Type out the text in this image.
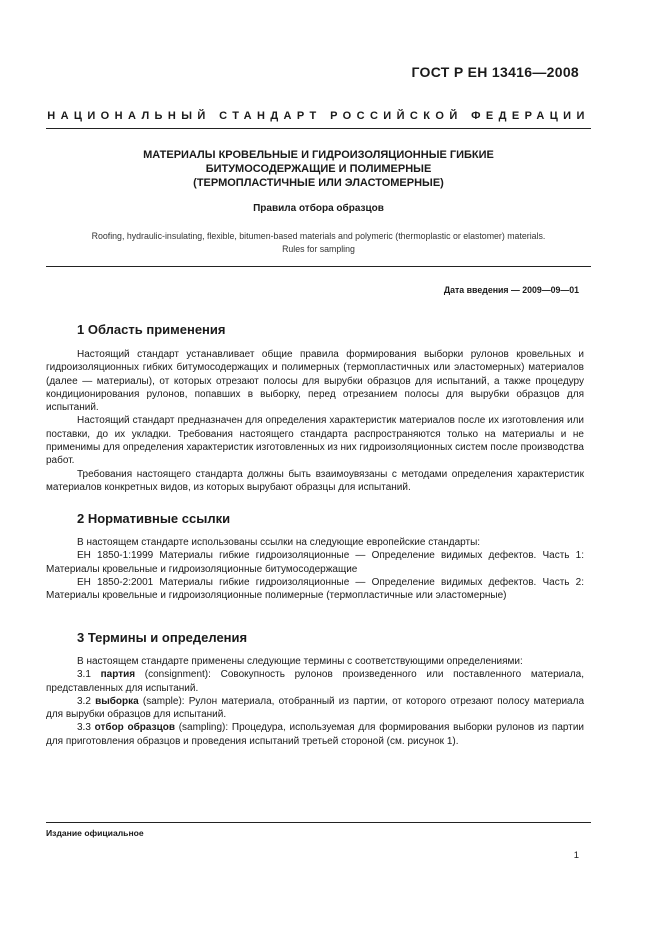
ГОСТ Р ЕН 13416—2008
НАЦИОНАЛЬНЫЙ СТАНДАРТ РОССИЙСКОЙ ФЕДЕРАЦИИ
МАТЕРИАЛЫ КРОВЕЛЬНЫЕ И ГИДРОИЗОЛЯЦИОННЫЕ ГИБКИЕ
БИТУМОСОДЕРЖАЩИЕ И ПОЛИМЕРНЫЕ
(ТЕРМОПЛАСТИЧНЫЕ ИЛИ ЭЛАСТОМЕРНЫЕ)
Правила отбора образцов
Roofing, hydraulic-insulating, flexible, bitumen-based materials and polymeric (thermoplastic or elastomer) materials.
Rules for sampling
Дата введения — 2009—09—01
1 Область применения

Настоящий стандарт устанавливает общие правила формирования выборки рулонов кровельных и гидроизоляционных гибких битумосодержащих и полимерных (термопластичных или эластомерных) материалов (далее — материалы), от которых отрезают полосы для вырубки образцов для испытаний, а также процедуру кондиционирования рулонов, попавших в выборку, перед отрезанием полосы для вырубки образцов для испытаний.

Настоящий стандарт предназначен для определения характеристик материалов после их изготовления или поставки, до их укладки. Требования настоящего стандарта распространяются только на материалы и не применимы для определения характеристик изготовленных из них гидроизоляционных систем после производства работ.

Требования настоящего стандарта должны быть взаимоувязаны с методами определения характеристик материалов конкретных видов, из которых вырубают образцы для испытаний.

2 Нормативные ссылки

В настоящем стандарте использованы ссылки на следующие европейские стандарты:

ЕН 1850-1:1999 Материалы гибкие гидроизоляционные — Определение видимых дефектов. Часть 1: Материалы кровельные и гидроизоляционные битумосодержащие

ЕН 1850-2:2001 Материалы гибкие гидроизоляционные — Определение видимых дефектов. Часть 2: Материалы кровельные и гидроизоляционные полимерные (термопластичные или эластомерные)

3 Термины и определения

В настоящем стандарте применены следующие термины с соответствующими определениями:

3.1 партия (consignment): Совокупность рулонов произведенного или поставленного материала, представленных для испытаний.

3.2 выборка (sample): Рулон материала, отобранный из партии, от которого отрезают полосу материала для вырубки образцов для испытаний.

3.3 отбор образцов (sampling): Процедура, используемая для формирования выборки рулонов из партии для приготовления образцов и проведения испытаний третьей стороной (см. рисунок 1).

Издание официальное
1
